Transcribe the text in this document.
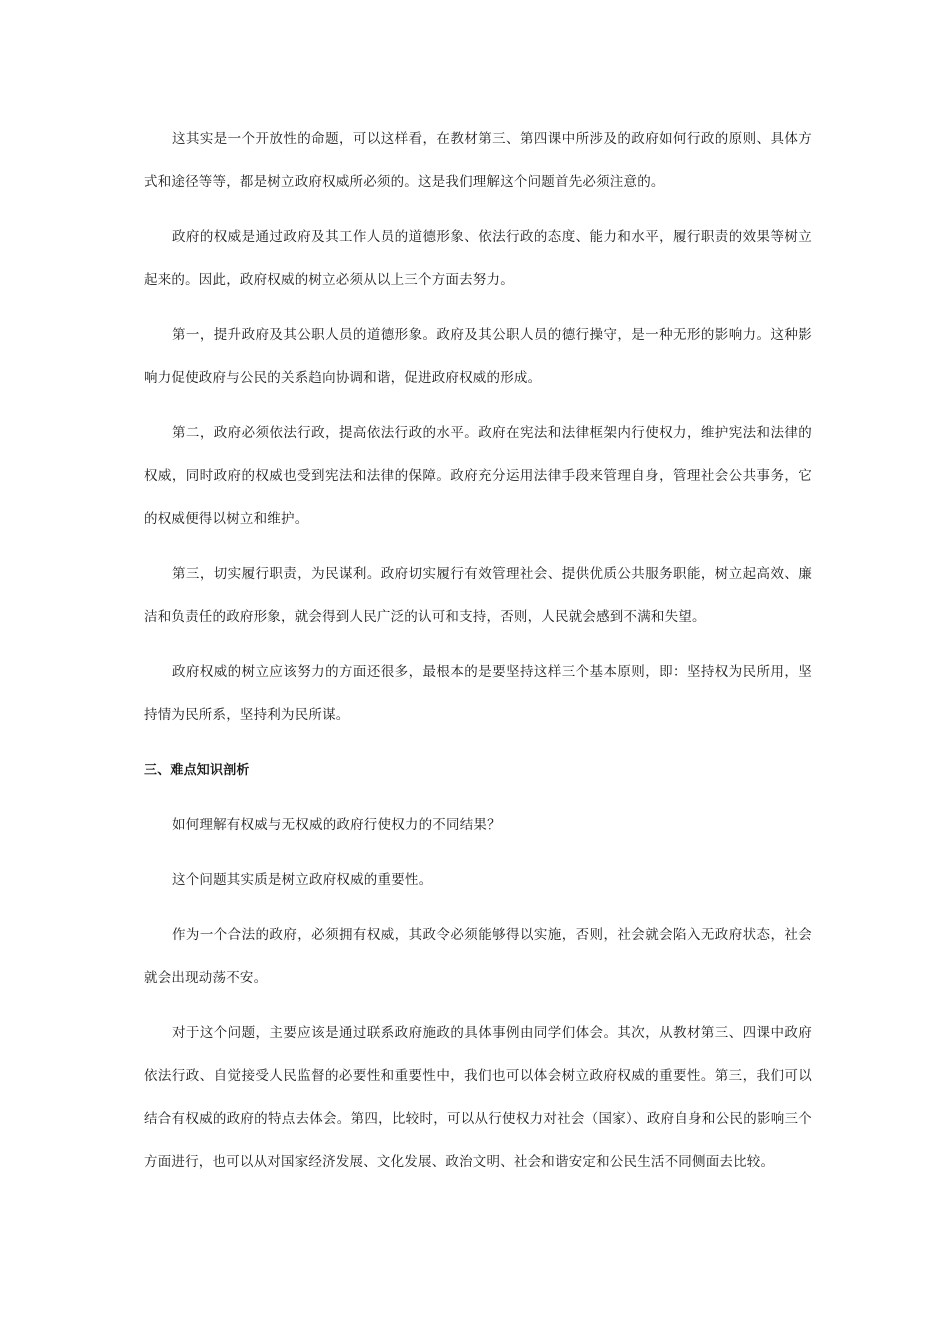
这其实是一个开放性的命题，可以这样看，在教材第三、第四课中所涉及的政府如何行政的原则、具体方式和途径等等，都是树立政府权威所必须的。这是我们理解这个问题首先必须注意的。

政府的权威是通过政府及其工作人员的道德形象、依法行政的态度、能力和水平，履行职责的效果等树立起来的。因此，政府权威的树立必须从以上三个方面去努力。

第一，提升政府及其公职人员的道德形象。政府及其公职人员的德行操守，是一种无形的影响力。这种影响力促使政府与公民的关系趋向协调和谐，促进政府权威的形成。

第二，政府必须依法行政，提高依法行政的水平。政府在宪法和法律框架内行使权力，维护宪法和法律的权威，同时政府的权威也受到宪法和法律的保障。政府充分运用法律手段来管理自身，管理社会公共事务，它的权威便得以树立和维护。

第三，切实履行职责，为民谋利。政府切实履行有效管理社会、提供优质公共服务职能，树立起高效、廉洁和负责任的政府形象，就会得到人民广泛的认可和支持，否则，人民就会感到不满和失望。

政府权威的树立应该努力的方面还很多，最根本的是要坚持这样三个基本原则，即：坚持权为民所用，坚持情为民所系，坚持利为民所谋。

三、难点知识剖析

如何理解有权威与无权威的政府行使权力的不同结果？

这个问题其实质是树立政府权威的重要性。

作为一个合法的政府，必须拥有权威，其政令必须能够得以实施，否则，社会就会陷入无政府状态，社会就会出现动荡不安。

对于这个问题，主要应该是通过联系政府施政的具体事例由同学们体会。其次，从教材第三、四课中政府依法行政、自觉接受人民监督的必要性和重要性中，我们也可以体会树立政府权威的重要性。第三，我们可以结合有权威的政府的特点去体会。第四，比较时，可以从行使权力对社会（国家）、政府自身和公民的影响三个方面进行，也可以从对国家经济发展、文化发展、政治文明、社会和谐安定和公民生活不同侧面去比较。
